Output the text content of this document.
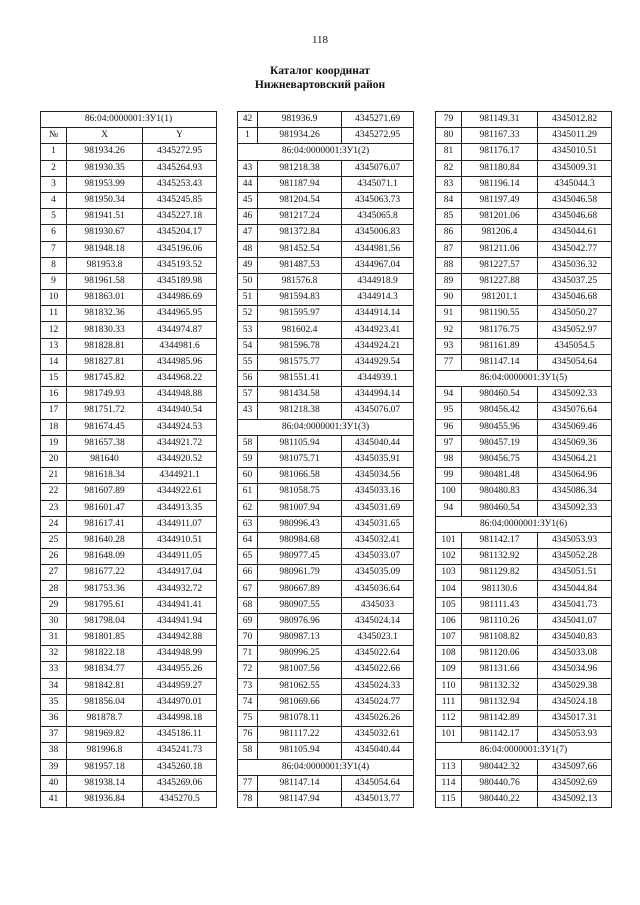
118
Каталог координат
Нижневартовский район
86:04:0000001:ЗУ1(1)		
№	X	Y
1	981934.26	4345272.95
2	981930.35	4345264.93
3	981953.99	4345253.43
4	981950.34	4345245.85
5	981941.51	4345227.18
6	981930.67	4345204.17
7	981948.18	4345196.06
8	981953.8	4345193.52
9	981961.58	4345189.98
10	981863.01	4344986.69
11	981832.36	4344965.95
12	981830.33	4344974.87
13	981828.81	4344981.6
14	981827.81	4344985.96
15	981745.82	4344968.22
16	981749.93	4344948.88
17	981751.72	4344940.54
18	981674.45	4344924.53
19	981657.38	4344921.72
20	981640	4344920.52
21	981618.34	4344921.1
22	981607.89	4344922.61
23	981601.47	4344913.35
24	981617.41	4344911.07
25	981640.28	4344910.51
26	981648.09	4344911.05
27	981677.22	4344917.04
28	981753.36	4344932.72
29	981795.61	4344941.41
30	981798.04	4344941.94
31	981801.85	4344942.88
32	981822.18	4344948.99
33	981834.77	4344955.26
34	981842.81	4344959.27
35	981856.04	4344970.01
36	981878.7	4344998.18
37	981969.82	4345186.11
38	981996.8	4345241.73
39	981957.18	4345260.18
40	981938.14	4345269.06
41	981936.84	4345270.5
42	981936.9	4345271.69
1	981934.26	4345272.95
86:04:0000001:ЗУ1(2)		
43	981218.38	4345076.07
44	981187.94	4345071.1
45	981204.54	4345063.73
46	981217.24	4345065.8
47	981372.84	4345006.83
48	981452.54	4344981.56
49	981487.53	4344967.04
50	981576.8	4344918.9
51	981594.83	4344914.3
52	981595.97	4344914.14
53	981602.4	4344923.41
54	981596.78	4344924.21
55	981575.77	4344929.54
56	981551.41	4344939.1
57	981434.58	4344994.14
43	981218.38	4345076.07
86:04:0000001:ЗУ1(3)		
58	981105.94	4345040.44
59	981075.71	4345035.91
60	981066.58	4345034.56
61	981058.75	4345033.16
62	981007.94	4345031.69
63	980996.43	4345031.65
64	980984.68	4345032.41
65	980977.45	4345033.07
66	980961.79	4345035.09
67	980667.89	4345036.64
68	980907.55	4345033
69	980976.96	4345024.14
70	980987.13	4345023.1
71	980996.25	4345022.64
72	981007.56	4345022.66
73	981062.55	4345024.33
74	981069.66	4345024.77
75	981078.11	4345026.26
76	981117.22	4345032.61
58	981105.94	4345040.44
86:04:0000001:ЗУ1(4)		
77	981147.14	4345054.64
78	981147.94	4345013.77
79	981149.31	4345012.82
80	981167.33	4345011.29
81	981176.17	4345010.51
82	981180.84	4345009.31
83	981196.14	4345044.3
84	981197.49	4345046.58
85	981201.06	4345046.68
86	981206.4	4345044.61
87	981211.06	4345042.77
88	981227.57	4345036.32
89	981227.88	4345037.25
90	981201.1	4345046.68
91	981190.55	4345050.27
92	981176.75	4345052.97
93	981161.89	4345054.5
77	981147.14	4345054.64
86:04:0000001:ЗУ1(5)		
94	980460.54	4345092.33
95	980456.42	4345076.64
96	980455.96	4345069.46
97	980457.19	4345069.36
98	980456.75	4345064.21
99	980481.48	4345064.96
100	980480.83	4345086.34
94	980460.54	4345092.33
86:04:0000001:ЗУ1(6)		
101	981142.17	4345053.93
102	981132.92	4345052.28
103	981129.82	4345051.51
104	981130.6	4345044.84
105	981111.43	4345041.73
106	981110.26	4345041.07
107	981108.82	4345040.83
108	981120.06	4345033.08
109	981131.66	4345034.96
110	981132.32	4345029.38
111	981132.94	4345024.18
112	981142.89	4345017.31
101	981142.17	4345053.93
86:04:0000001:ЗУ1(7)		
113	980442.32	4345097.66
114	980440.76	4345092.69
115	980440.22	4345092.13
